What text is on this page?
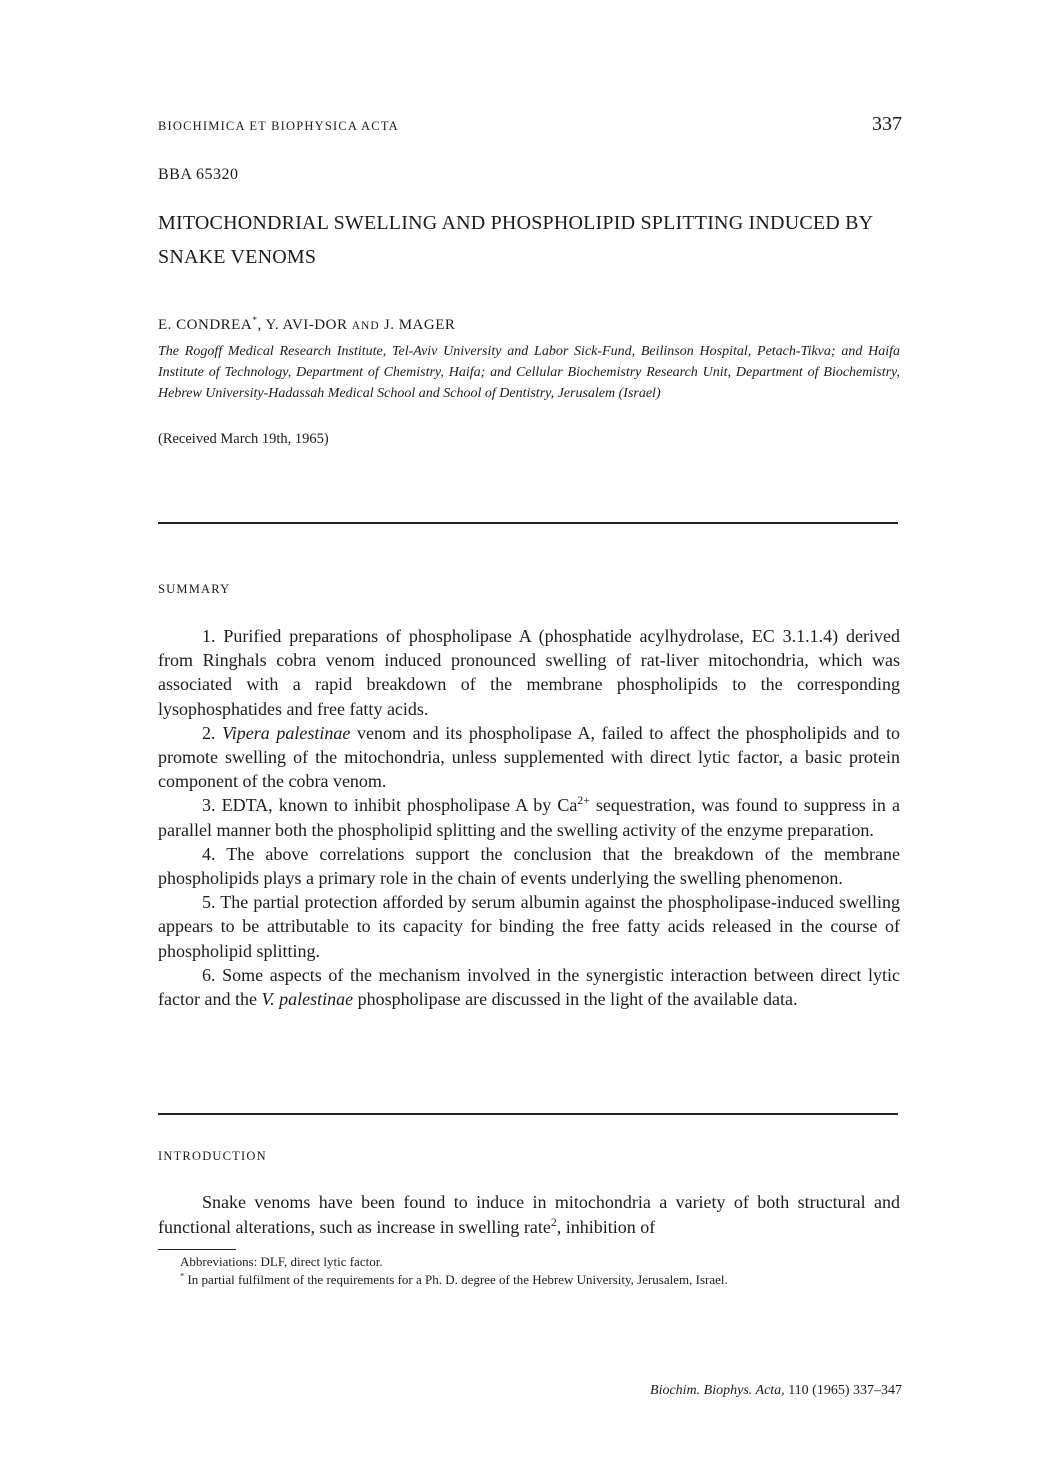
BIOCHIMICA ET BIOPHYSICA ACTA	337
BBA 65320
MITOCHONDRIAL SWELLING AND PHOSPHOLIPID SPLITTING INDUCED BY SNAKE VENOMS
E. CONDREA*, Y. AVI-DOR AND J. MAGER
The Rogoff Medical Research Institute, Tel-Aviv University and Labor Sick-Fund, Beilinson Hospital, Petach-Tikva; and Haifa Institute of Technology, Department of Chemistry, Haifa; and Cellular Biochemistry Research Unit, Department of Biochemistry, Hebrew University-Hadassah Medical School and School of Dentistry, Jerusalem (Israel)
(Received March 19th, 1965)
SUMMARY

1. Purified preparations of phospholipase A (phosphatide acylhydrolase, EC 3.1.1.4) derived from Ringhals cobra venom induced pronounced swelling of rat-liver mitochondria, which was associated with a rapid breakdown of the membrane phospholipids to the corresponding lysophosphatides and free fatty acids.

2. Vipera palestinae venom and its phospholipase A, failed to affect the phospholipids and to promote swelling of the mitochondria, unless supplemented with direct lytic factor, a basic protein component of the cobra venom.

3. EDTA, known to inhibit phospholipase A by $Ca^{2+}$ sequestration, was found to suppress in a parallel manner both the phospholipid splitting and the swelling activity of the enzyme preparation.

4. The above correlations support the conclusion that the breakdown of the membrane phospholipids plays a primary role in the chain of events underlying the swelling phenomenon.

5. The partial protection afforded by serum albumin against the phospholipase-induced swelling appears to be attributable to its capacity for binding the free fatty acids released in the course of phospholipid splitting.

6. Some aspects of the mechanism involved in the synergistic interaction between direct lytic factor and the V. palestinae phospholipase are discussed in the light of the available data.

INTRODUCTION

Snake venoms have been found to induce in mitochondria a variety of both structural and functional alterations, such as increase in swelling rate$^2$, inhibition of

Abbreviations: DLF, direct lytic factor.

* In partial fulfilment of the requirements for a Ph. D. degree of the Hebrew University, Jerusalem, Israel.

Biochim. Biophys. Acta, 110 (1965) 337–347
